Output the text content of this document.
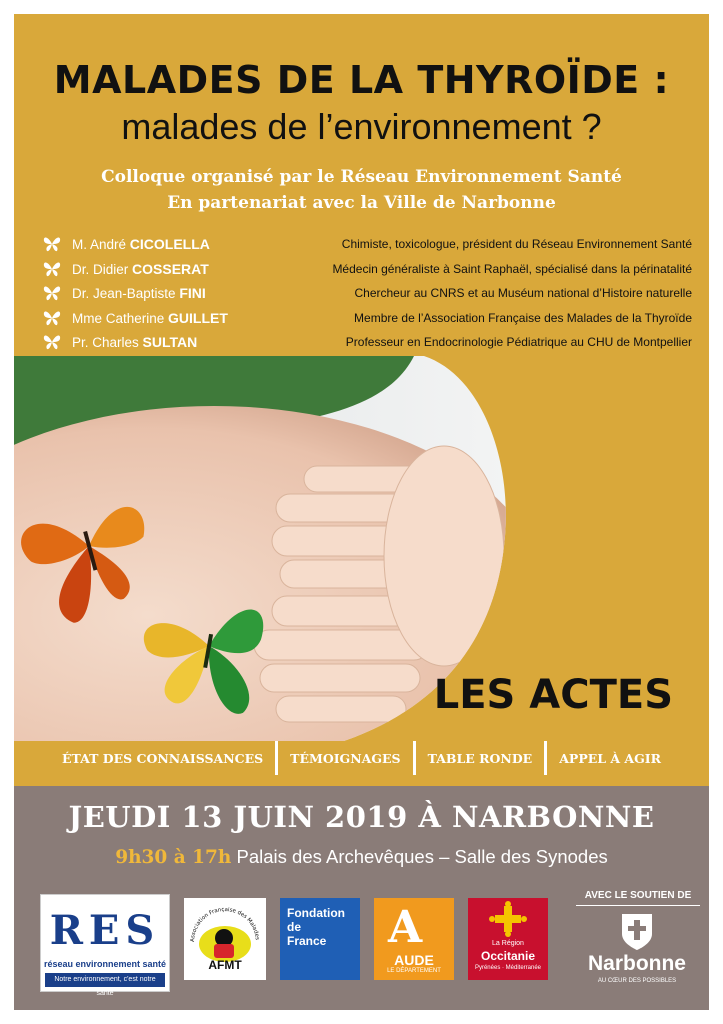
MALADES DE LA THYROÏDE :
malades de l’environnement ?
Colloque organisé par le Réseau Environnement Santé
En partenariat avec la Ville de Narbonne
M. André CICOLELLA	Chimiste, toxicologue, président du Réseau Environnement Santé
Dr. Didier COSSERAT	Médecin généraliste à Saint Raphaël, spécialisé dans la périnatalité
Dr. Jean-Baptiste FINI	Chercheur au CNRS et au Muséum national d’Histoire naturelle
Mme Catherine GUILLET	Membre de l’Association Française des Malades de la Thyroïde
Pr. Charles SULTAN	Professeur en Endocrinologie Pédiatrique au CHU de Montpellier
LES ACTES
ÉTAT DES CONNAISSANCES	TÉMOIGNAGES	TABLE RONDE	APPEL À AGIR
JEUDI 13 JUIN 2019 À NARBONNE
9h30 à 17h Palais des Archevêques – Salle des Synodes
RES
réseau environnement santé
Notre environnement, c'est notre santé
Association Française des Malades
AFMT
Fondation
de
France	A
AUDE
LE DÉPARTEMENT
La Région
Occitanie
Pyrénées · Méditerranée
AVEC LE SOUTIEN DE
Narbonne
AU CŒUR DES POSSIBLES
